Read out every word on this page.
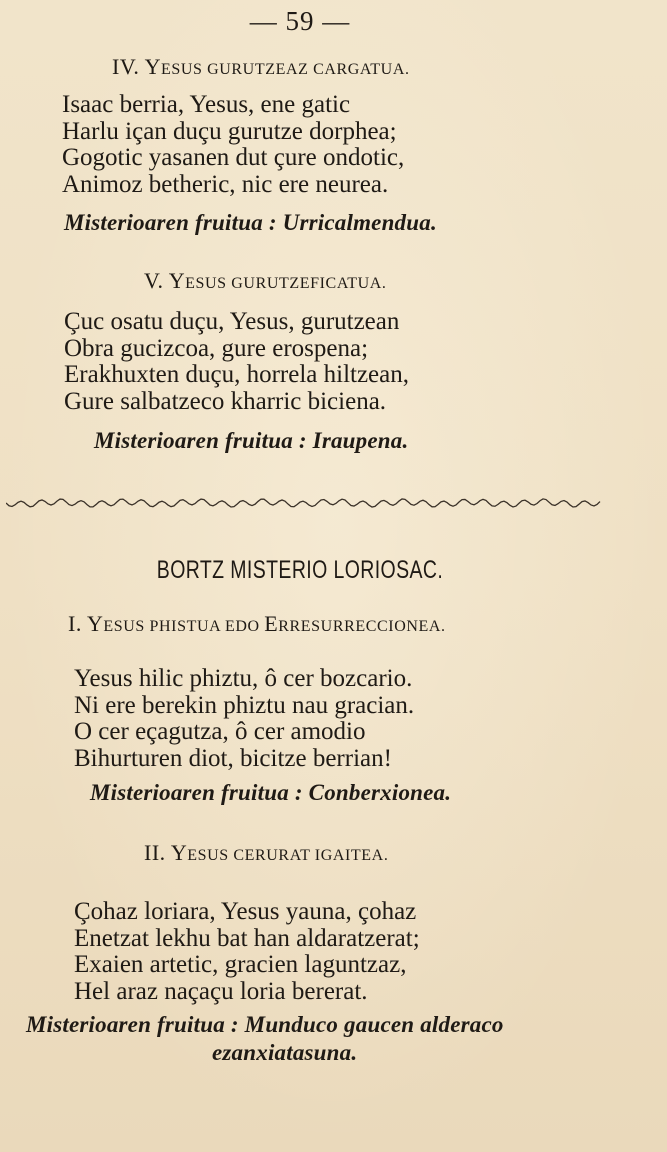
— 59 —
IV. YESUS GURUTZEAZ CARGATUA.
Isaac berria, Yesus, ene gatic
Harlu içan duçu gurutze dorphea;
Gogotic yasanen dut çure ondotic,
Animoz betheric, nic ere neurea.
Misterioaren fruitua : Urricalmendua.
V. YESUS GURUTZEFICATUA.
Çuc osatu duçu, Yesus, gurutzean
Obra gucizcoa, gure erospena;
Erakhuxten duçu, horrela hiltzean,
Gure salbatzeco kharric biciena.
Misterioaren fruitua : Iraupena.
BORTZ MISTERIO LORIOSAC.
I. YESUS PHISTUA EDO ERRESURRECCIONEA.
Yesus hilic phiztu, ô cer bozcario.
Ni ere berekin phiztu nau gracian.
O cer eçagutza, ô cer amodio
Bihurturen diot, bicitze berrian!
Misterioaren fruitua : Conberxionea.
II. YESUS CERURAT IGAITEA.
Çohaz loriara, Yesus yauna, çohaz
Enetzat lekhu bat han aldaratzerat;
Exaien artetic, gracien laguntzaz,
Hel araz naçaçu loria bererat.
Misterioaren fruitua : Munduco gaucen alderaco
ezanxiatasuna.
